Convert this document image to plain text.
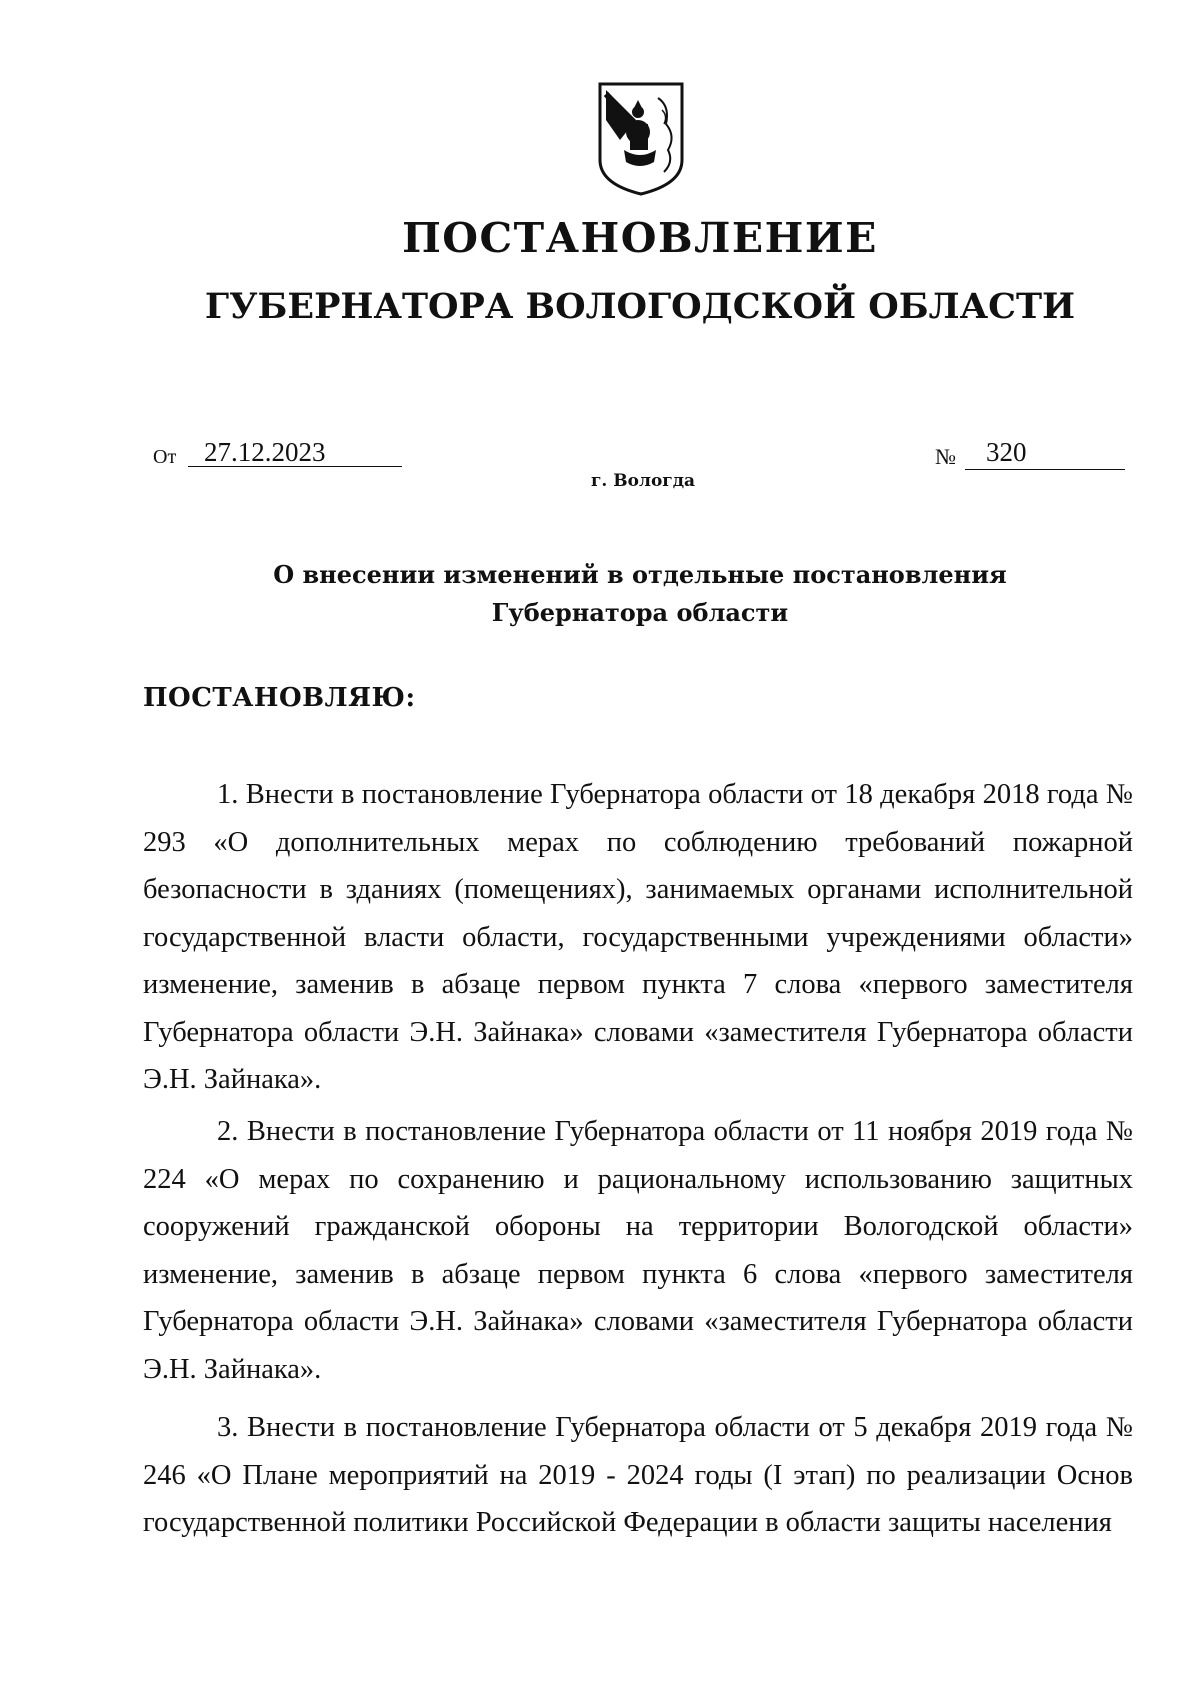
ПОСТАНОВЛЕНИЕ
ГУБЕРНАТОРА ВОЛОГОДСКОЙ ОБЛАСТИ
От 27.12.2023	№ 320
г. Вологда
О внесении изменений в отдельные постановления
Губернатора области
ПОСТАНОВЛЯЮ:

1. Внести в постановление Губернатора области от 18 декабря 2018 года № 293 «О дополнительных мерах по соблюдению требований пожарной безопасности в зданиях (помещениях), занимаемых органами исполнительной государственной власти области, государственными учреждениями области» изменение, заменив в абзаце первом пункта 7 слова «первого заместителя Губернатора области Э.Н. Зайнака» словами «заместителя Губернатора области Э.Н. Зайнака».

2. Внести в постановление Губернатора области от 11 ноября 2019 года № 224 «О мерах по сохранению и рациональному использованию защитных сооружений гражданской обороны на территории Вологодской области» изменение, заменив в абзаце первом пункта 6 слова «первого заместителя Губернатора области Э.Н. Зайнака» словами «заместителя Губернатора области Э.Н. Зайнака».

3. Внести в постановление Губернатора области от 5 декабря 2019 года № 246 «О Плане мероприятий на 2019 - 2024 годы (I этап) по реализации Основ государственной политики Российской Федерации в области защиты населения
